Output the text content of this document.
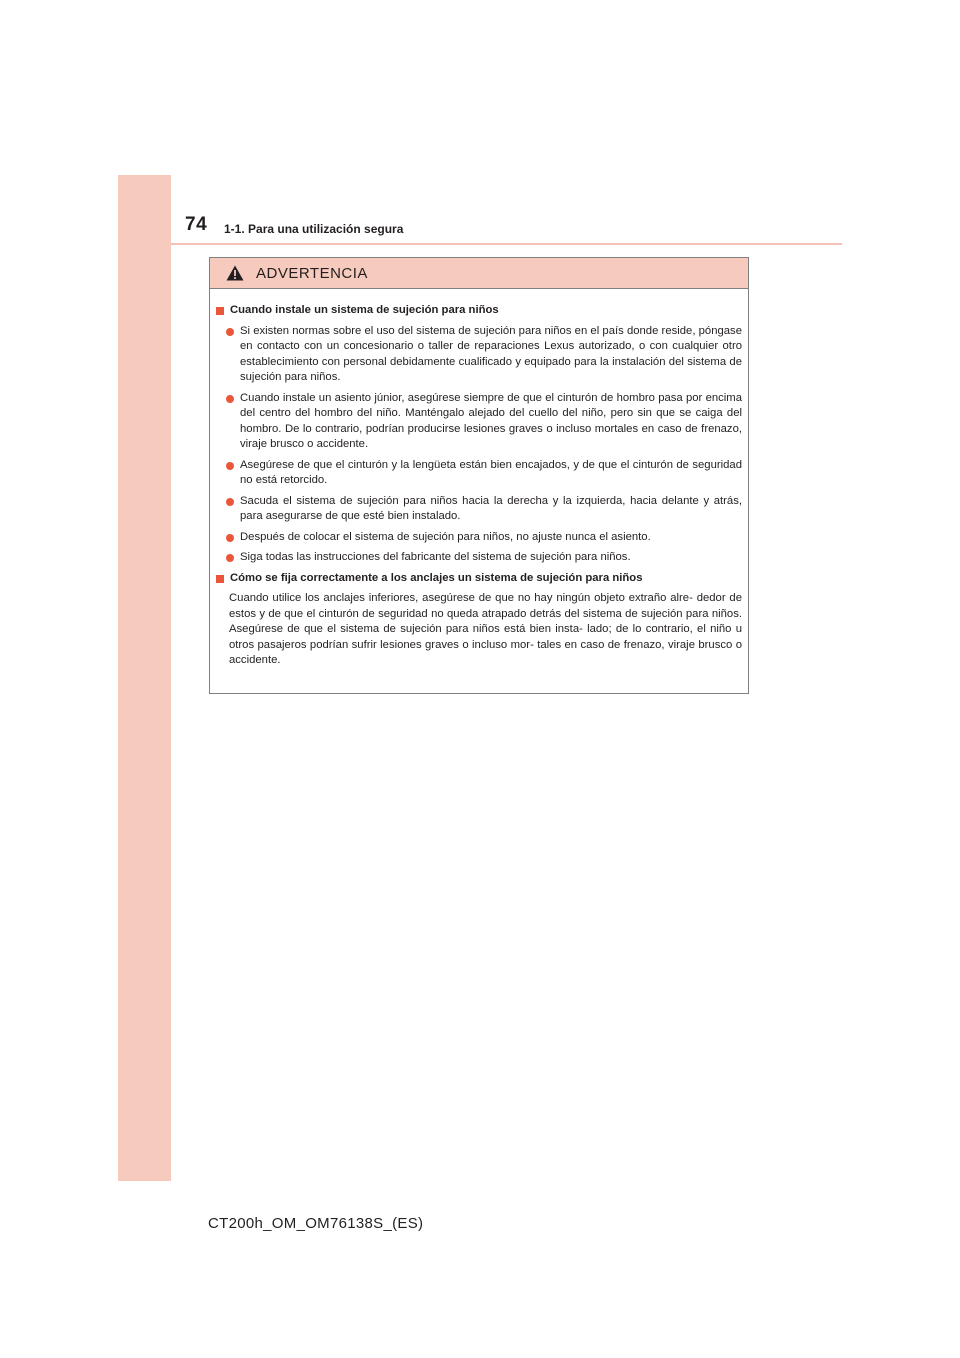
74 1-1. Para una utilización segura
ADVERTENCIA
Cuando instale un sistema de sujeción para niños
Si existen normas sobre el uso del sistema de sujeción para niños en el país donde reside, póngase en contacto con un concesionario o taller de reparaciones Lexus autorizado, o con cualquier otro establecimiento con personal debidamente cualificado y equipado para la instalación del sistema de sujeción para niños.
Cuando instale un asiento júnior, asegúrese siempre de que el cinturón de hombro pasa por encima del centro del hombro del niño. Manténgalo alejado del cuello del niño, pero sin que se caiga del hombro. De lo contrario, podrían producirse lesiones graves o incluso mortales en caso de frenazo, viraje brusco o accidente.
Asegúrese de que el cinturón y la lengüeta están bien encajados, y de que el cinturón de seguridad no está retorcido.
Sacuda el sistema de sujeción para niños hacia la derecha y la izquierda, hacia delante y atrás, para asegurarse de que esté bien instalado.
Después de colocar el sistema de sujeción para niños, no ajuste nunca el asiento.
Siga todas las instrucciones del fabricante del sistema de sujeción para niños.
Cómo se fija correctamente a los anclajes un sistema de sujeción para niños
Cuando utilice los anclajes inferiores, asegúrese de que no hay ningún objeto extraño alre- dedor de estos y de que el cinturón de seguridad no queda atrapado detrás del sistema de sujeción para niños. Asegúrese de que el sistema de sujeción para niños está bien insta- lado; de lo contrario, el niño u otros pasajeros podrían sufrir lesiones graves o incluso mor- tales en caso de frenazo, viraje brusco o accidente.
CT200h_OM_OM76138S_(ES)
